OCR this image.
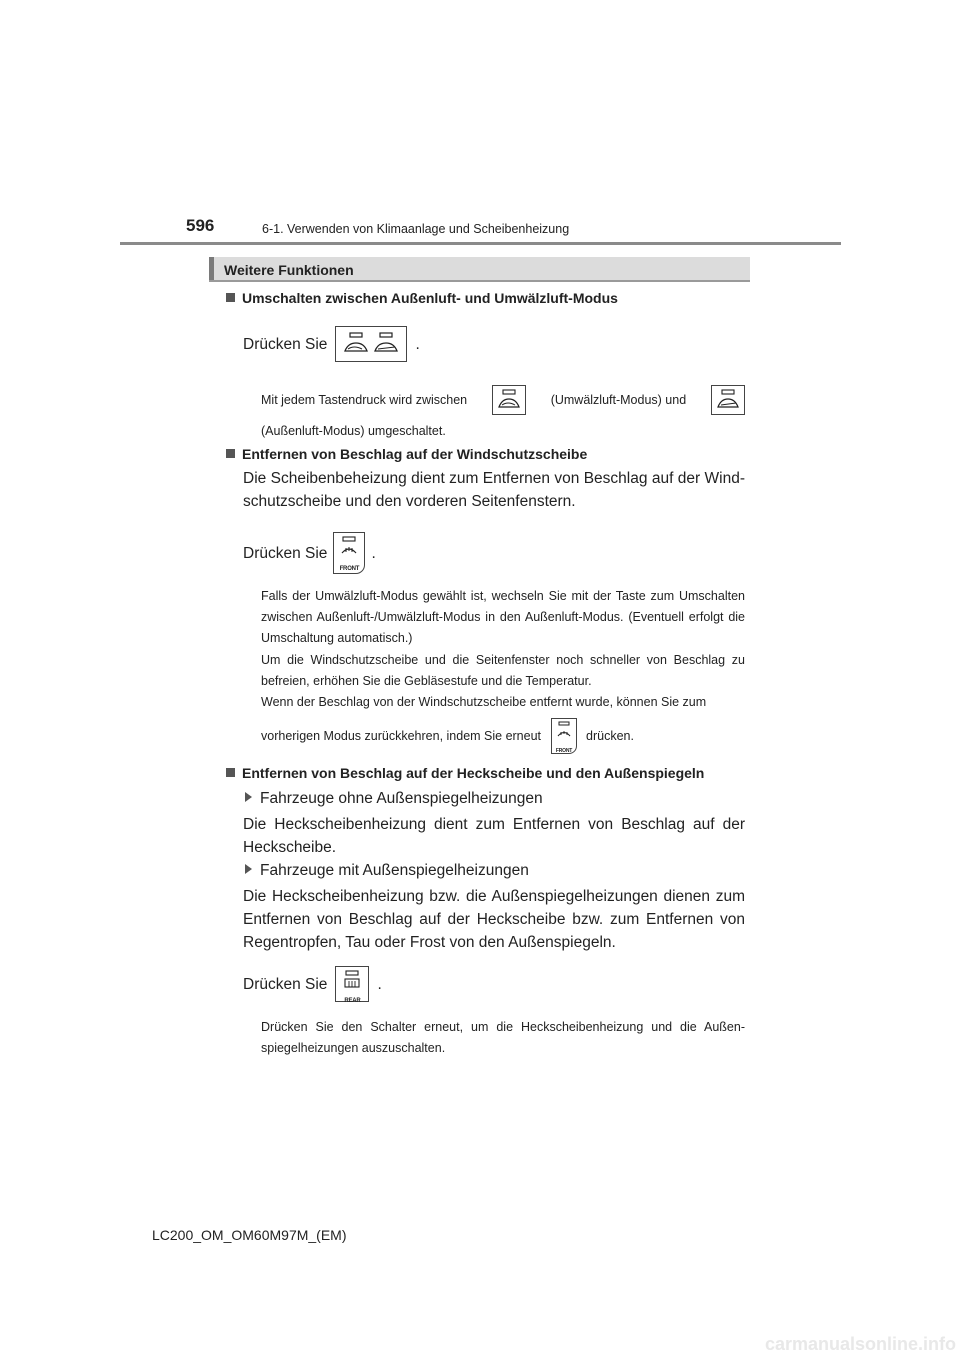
596	6-1. Verwenden von Klimaanlage und Scheibenheizung
Weitere Funktionen
Umschalten zwischen Außenluft- und Umwälzluft-Modus
Drücken Sie	.
Mit jedem Tastendruck wird zwischen	(Umwälzluft-Modus) und
(Außenluft-Modus) umgeschaltet.
Entfernen von Beschlag auf der Windschutzscheibe
Die Scheibenbeheizung dient zum Entfernen von Beschlag auf der Wind-schutzscheibe und den vorderen Seitenfenstern.
Drücken Sie
FRONT
.
Falls der Umwälzluft-Modus gewählt ist, wechseln Sie mit der Taste zum Umschalten zwischen Außenluft-/Umwälzluft-Modus in den Außenluft-Modus. (Eventuell erfolgt die Umschaltung automatisch.)
Um die Windschutzscheibe und die Seitenfenster noch schneller von Beschlag zu befreien, erhöhen Sie die Gebläsestufe und die Temperatur.
Wenn der Beschlag von der Windschutzscheibe entfernt wurde, können Sie zum
vorherigen Modus zurückkehren, indem Sie erneut
FRONT
drücken.
Entfernen von Beschlag auf der Heckscheibe und den Außenspiegeln
Fahrzeuge ohne Außenspiegelheizungen
Die Heckscheibenheizung dient zum Entfernen von Beschlag auf der Heckscheibe.
Fahrzeuge mit Außenspiegelheizungen
Die Heckscheibenheizung bzw. die Außenspiegelheizungen dienen zum Entfernen von Beschlag auf der Heckscheibe bzw. zum Entfernen von Regentropfen, Tau oder Frost von den Außenspiegeln.
Drücken Sie
REAR
.
Drücken Sie den Schalter erneut, um die Heckscheibenheizung und die Außen-spiegelheizungen auszuschalten.
LC200_OM_OM60M97M_(EM)
carmanualsonline.info
